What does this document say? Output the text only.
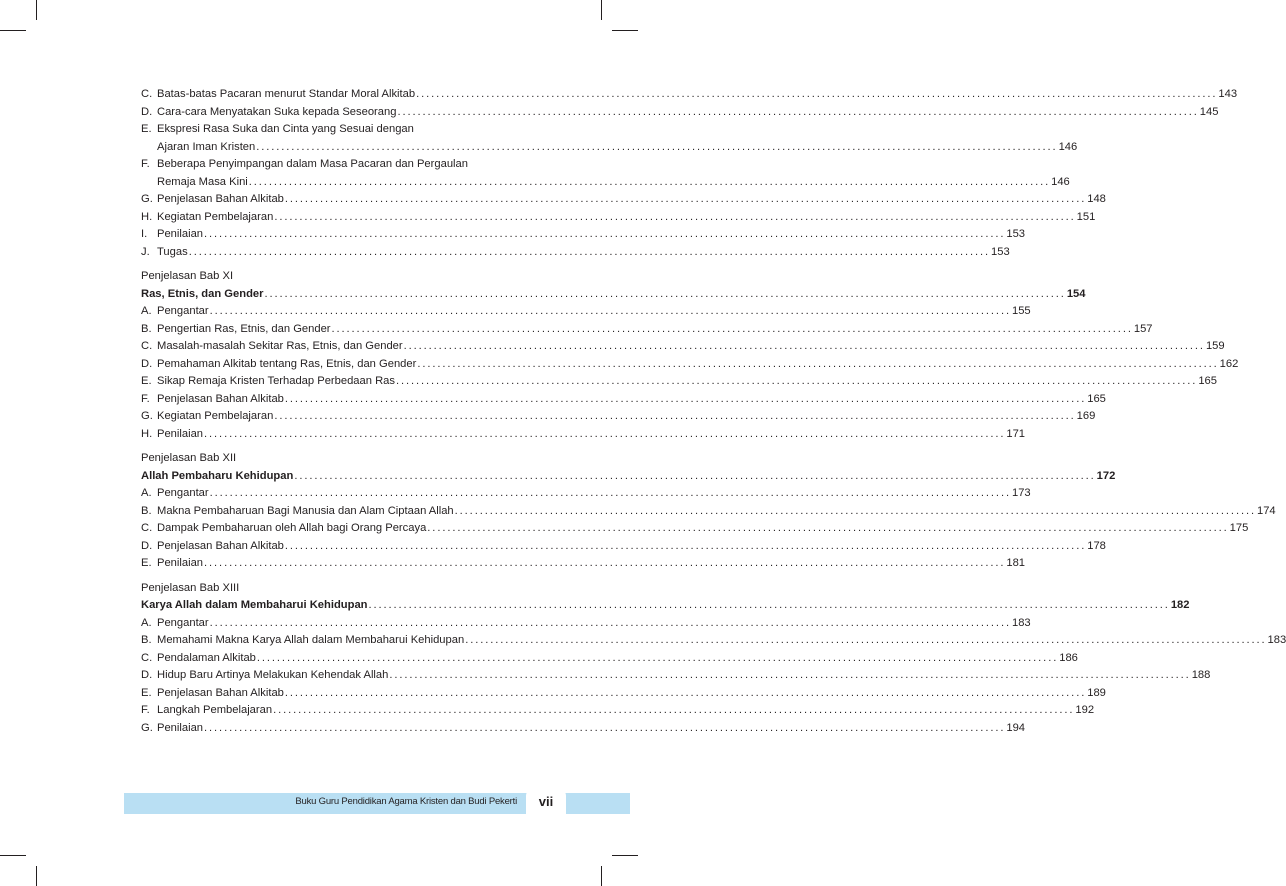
C. Batas-batas Pacaran menurut Standar Moral Alkitab ................................................................................................................................................................ 143
D. Cara-cara Menyatakan Suka kepada Seseorang ................................................................................................................................................................ 145
E. Ekspresi Rasa Suka dan Cinta yang Sesuai dengan
Ajaran Iman Kristen ................................................................................................................................................................ 146
F. Beberapa Penyimpangan dalam Masa Pacaran dan Pergaulan
Remaja Masa Kini ................................................................................................................................................................ 146
G. Penjelasan Bahan Alkitab ................................................................................................................................................................ 148
H. Kegiatan Pembelajaran ................................................................................................................................................................ 151
I. Penilaian ................................................................................................................................................................ 153
J. Tugas ................................................................................................................................................................ 153
Penjelasan Bab XI
Ras, Etnis, dan Gender ................................................................................................................................................................ 154
A. Pengantar ................................................................................................................................................................ 155
B. Pengertian Ras, Etnis, dan Gender ................................................................................................................................................................ 157
C. Masalah-masalah Sekitar Ras, Etnis, dan Gender ................................................................................................................................................................ 159
D. Pemahaman Alkitab tentang Ras, Etnis, dan Gender ................................................................................................................................................................ 162
E. Sikap Remaja Kristen Terhadap Perbedaan Ras ................................................................................................................................................................ 165
F. Penjelasan Bahan Alkitab ................................................................................................................................................................ 165
G. Kegiatan Pembelajaran ................................................................................................................................................................ 169
H. Penilaian ................................................................................................................................................................ 171
Penjelasan Bab XII
Allah Pembaharu Kehidupan ................................................................................................................................................................ 172
A. Pengantar ................................................................................................................................................................ 173
B. Makna Pembaharuan Bagi Manusia dan Alam Ciptaan Allah ................................................................................................................................................................ 174
C. Dampak Pembaharuan oleh Allah bagi Orang Percaya ................................................................................................................................................................ 175
D. Penjelasan Bahan Alkitab ................................................................................................................................................................ 178
E. Penilaian ................................................................................................................................................................ 181
Penjelasan Bab XIII
Karya Allah dalam Membaharui Kehidupan ................................................................................................................................................................ 182
A. Pengantar ................................................................................................................................................................ 183
B. Memahami Makna Karya Allah dalam Membaharui Kehidupan ................................................................................................................................................................ 183
C. Pendalaman Alkitab ................................................................................................................................................................ 186
D. Hidup Baru Artinya Melakukan Kehendak Allah ................................................................................................................................................................ 188
E. Penjelasan Bahan Alkitab ................................................................................................................................................................ 189
F. Langkah Pembelajaran ................................................................................................................................................................ 192
G. Penilaian ................................................................................................................................................................ 194
Buku Guru Pendidikan Agama Kristen dan Budi Pekerti	vii
